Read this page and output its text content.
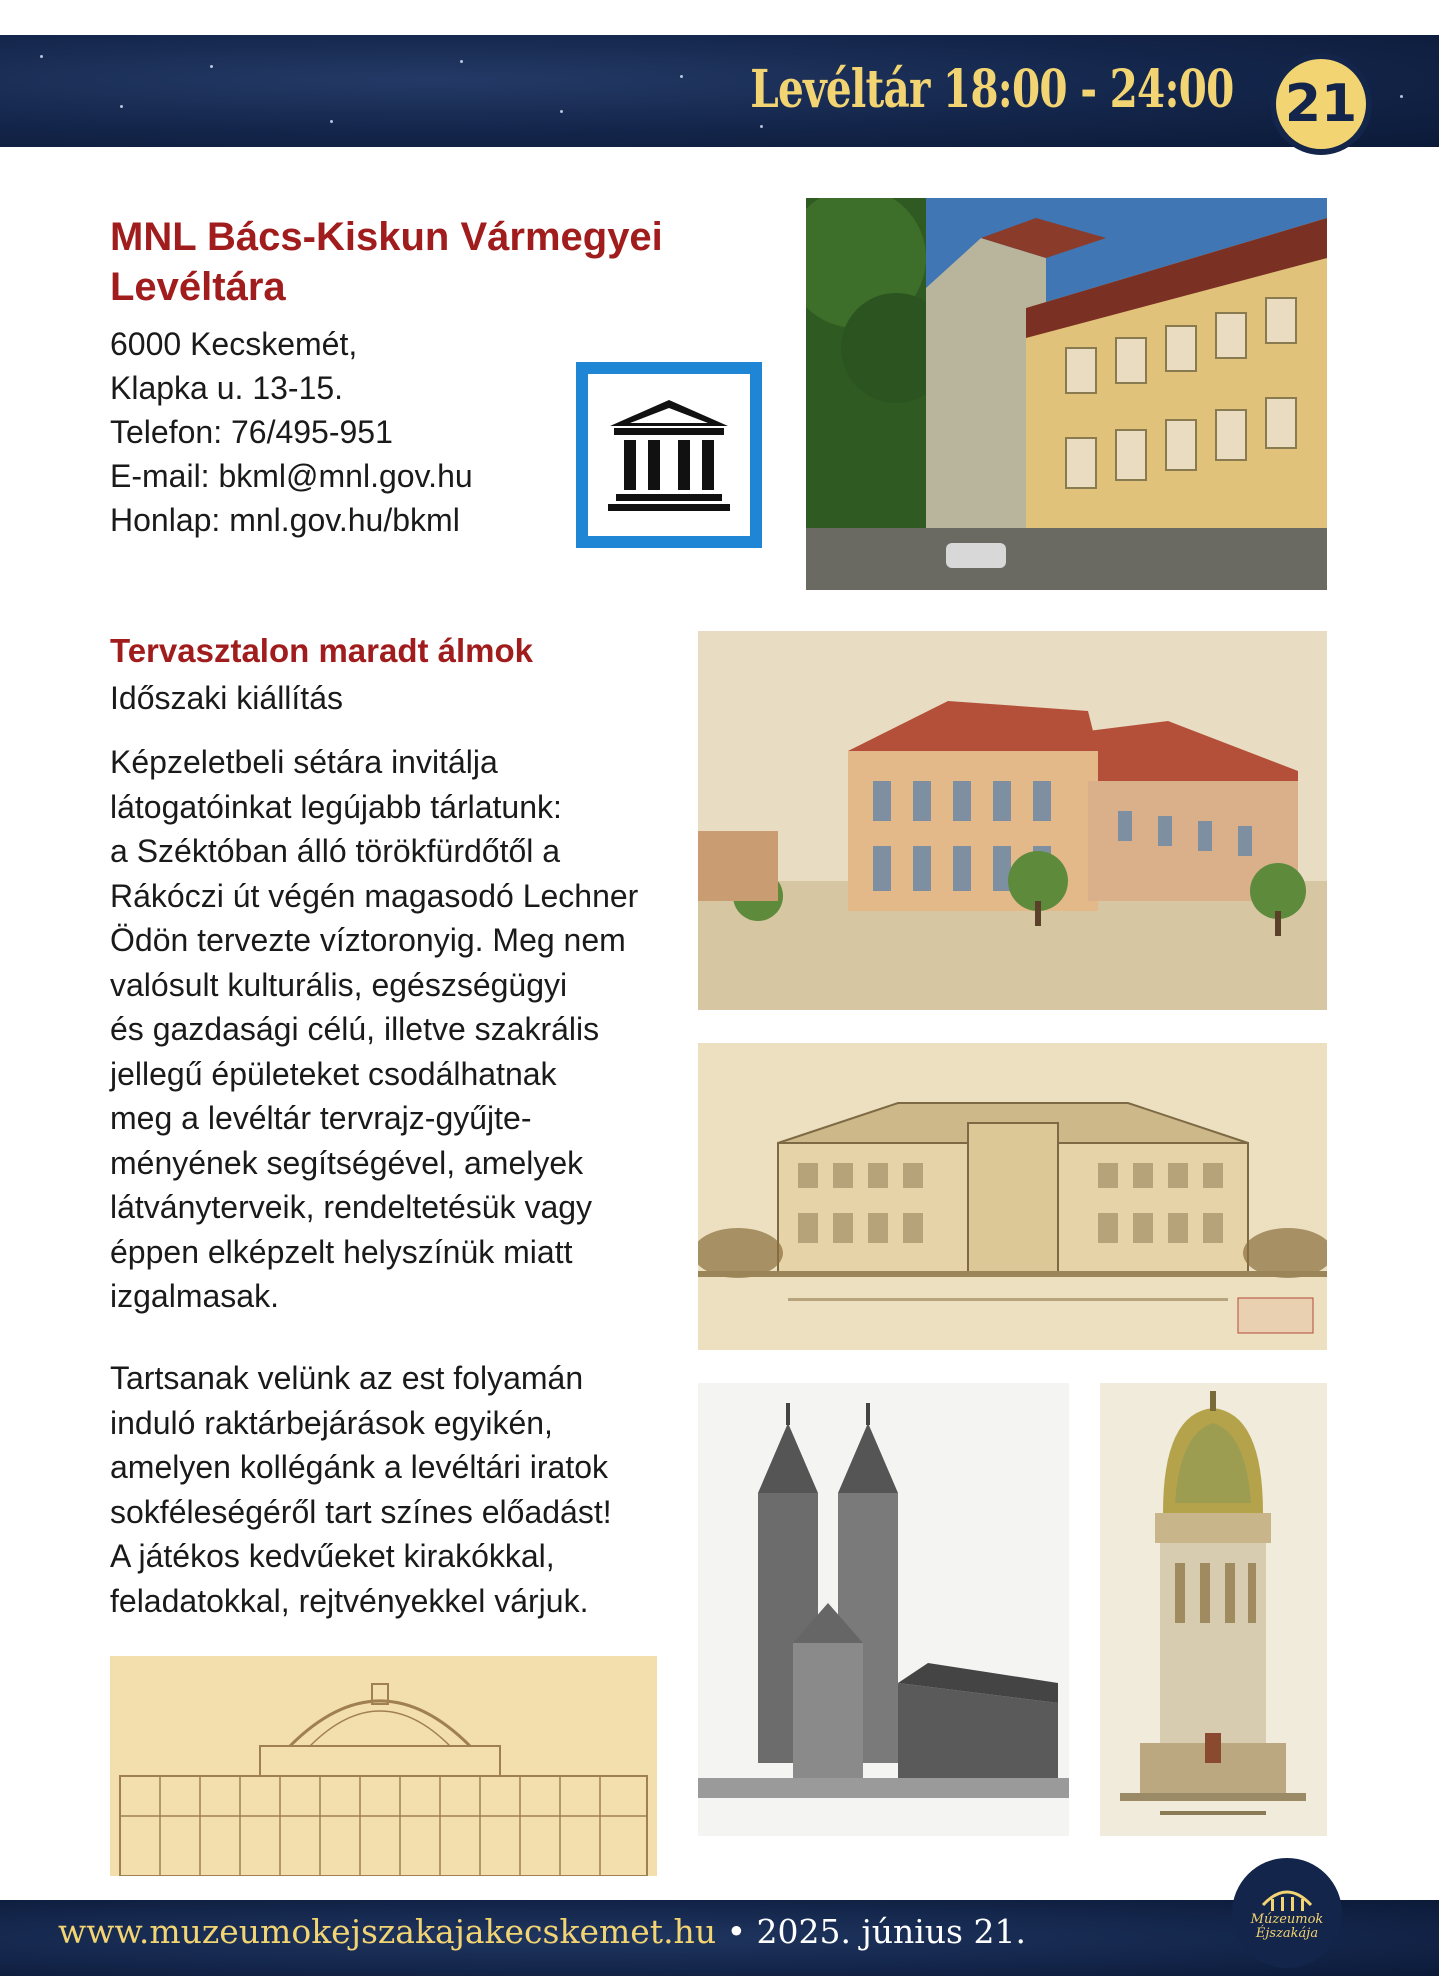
Levéltár 18:00 - 24:00 21
MNL Bács-Kiskun Vármegyei
Levéltára
6000 Kecskemét,
Klapka u. 13-15.
Telefon: 76/495-951
E-mail: bkml@mnl.gov.hu
Honlap: mnl.gov.hu/bkml
Tervasztalon maradt álmok
Időszaki kiállítás
Képzeletbeli sétára invitálja
látogatóinkat legújabb tárlatunk:
a Széktóban álló törökfürdőtől a
Rákóczi út végén magasodó Lechner
Ödön tervezte víztoronyig. Meg nem
valósult kulturális, egészségügyi
és gazdasági célú, illetve szakrális
jellegű épületeket csodálhatnak
meg a levéltár tervrajz-gyűjte-
ményének segítségével, amelyek
látványterveik, rendeltetésük vagy
éppen elképzelt helyszínük miatt
izgalmasak.
Tartsanak velünk az est folyamán
induló raktárbejárások egyikén,
amelyen kollégánk a levéltári iratok
sokféleségéről tart színes előadást!
A játékos kedvűeket kirakókkal,
feladatokkal, rejtvényekkel várjuk.
www.muzeumokejszakajakecskemet.hu • 2025. június 21.	Múzeumok
Éjszakája
